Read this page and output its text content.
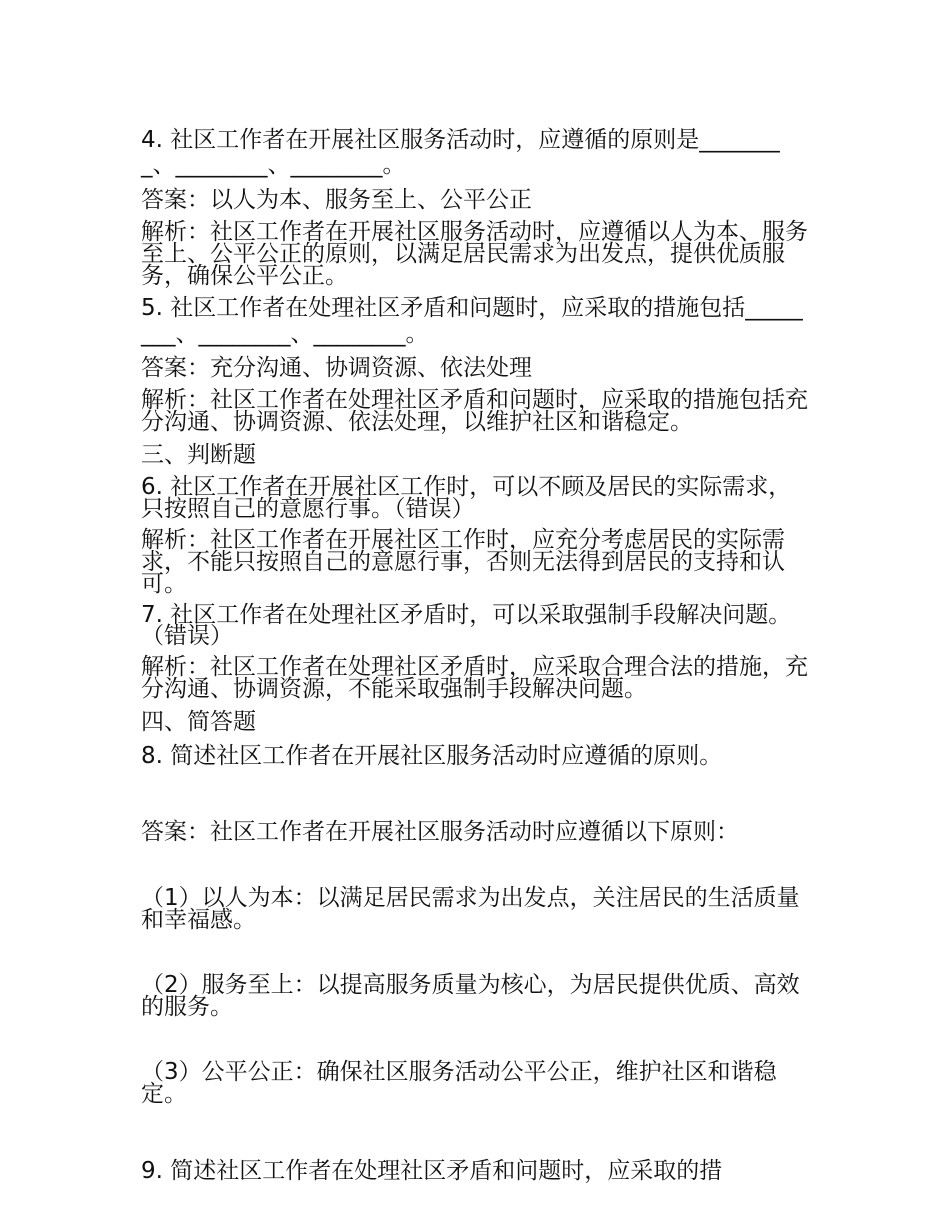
4. 社区工作者在开展社区服务活动时，应遵循的原则是________、________、________。

答案：以人为本、服务至上、公平公正

解析：社区工作者在开展社区服务活动时，应遵循以人为本、服务至上、公平公正的原则，以满足居民需求为出发点，提供优质服务，确保公平公正。

5. 社区工作者在处理社区矛盾和问题时，应采取的措施包括________、________、________。

答案：充分沟通、协调资源、依法处理

解析：社区工作者在处理社区矛盾和问题时，应采取的措施包括充分沟通、协调资源、依法处理，以维护社区和谐稳定。

三、判断题

6. 社区工作者在开展社区工作时，可以不顾及居民的实际需求，只按照自己的意愿行事。（错误）

解析：社区工作者在开展社区工作时，应充分考虑居民的实际需求，不能只按照自己的意愿行事，否则无法得到居民的支持和认可。

7. 社区工作者在处理社区矛盾时，可以采取强制手段解决问题。（错误）

解析：社区工作者在处理社区矛盾时，应采取合理合法的措施，充分沟通、协调资源，不能采取强制手段解决问题。

四、简答题

8. 简述社区工作者在开展社区服务活动时应遵循的原则。

答案：社区工作者在开展社区服务活动时应遵循以下原则：

（1）以人为本：以满足居民需求为出发点，关注居民的生活质量和幸福感。

（2）服务至上：以提高服务质量为核心，为居民提供优质、高效的服务。

（3）公平公正：确保社区服务活动公平公正，维护社区和谐稳定。

9. 简述社区工作者在处理社区矛盾和问题时，应采取的措
